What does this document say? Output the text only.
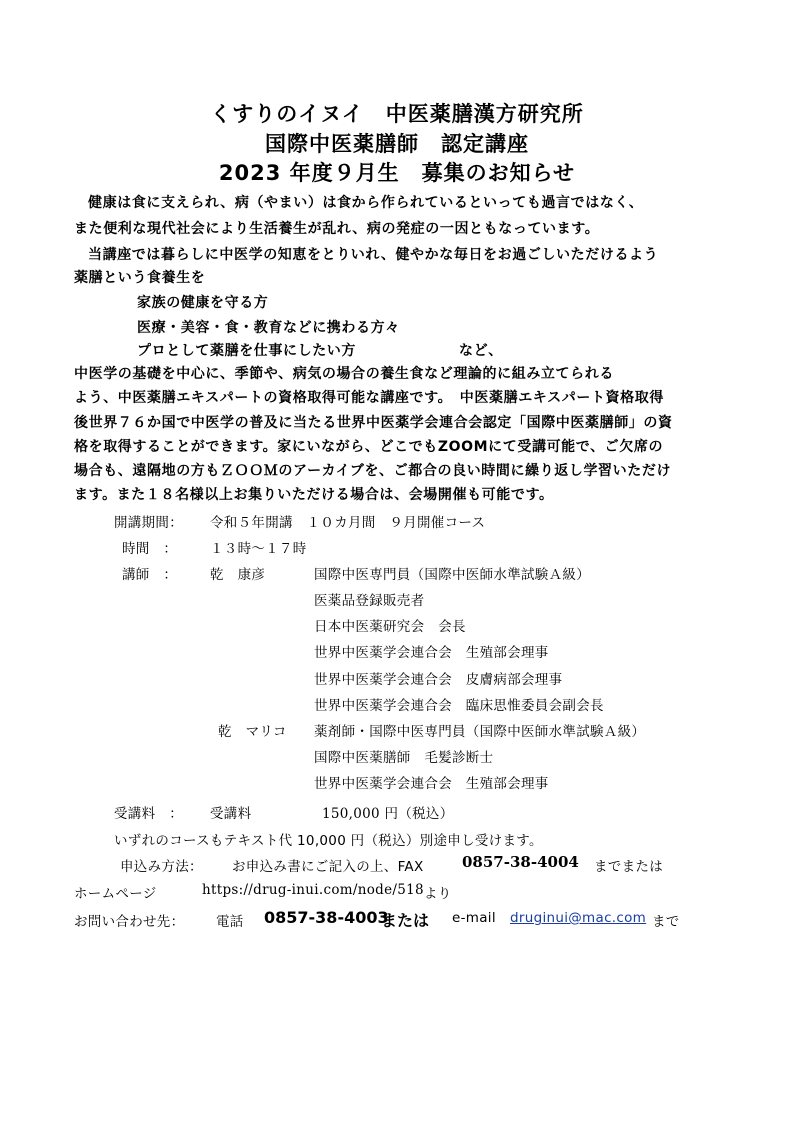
くすりのイヌイ　中医薬膳漢方研究所
国際中医薬膳師　認定講座
2023 年度９月生　募集のお知らせ
健康は食に支えられ、病（やまい）は食から作られているといっても過言ではなく、
また便利な現代社会により生活養生が乱れ、病の発症の一因ともなっています。
当講座では暮らしに中医学の知恵をとりいれ、健やかな毎日をお過ごしいただけるよう
薬膳という食養生を
家族の健康を守る方
医療・美容・食・教育などに携わる方々
プロとして薬膳を仕事にしたい方	など、
中医学の基礎を中心に、季節や、病気の場合の養生食など理論的に組み立てられる
よう、中医薬膳エキスパートの資格取得可能な講座です。　中医薬膳エキスパート資格取得
後世界７６か国で中医学の普及に当たる世界中医薬学会連合会認定「国際中医薬膳師」の資
格を取得することができます。家にいながら、どこでもZOOMにて受講可能で、ご欠席の
場合も、遠隔地の方もＺＯＯＭのアーカイブを、ご都合の良い時間に繰り返し学習いただけ
ます。また１８名様以上お集りいただける場合は、会場開催も可能です。
開講期間： 令和５年開講　１０カ月間　９月開催コース
時間　： １３時～１７時
講師　： 乾　康彦	国際中医専門員（国際中医師水準試験Ａ級）
医薬品登録販売者
日本中医薬研究会　会長
世界中医薬学会連合会　生殖部会理事
世界中医薬学会連合会　皮膚病部会理事
世界中医薬学会連合会　臨床思惟委員会副会長
乾　マリコ 薬剤師・国際中医専門員（国際中医師水準試験Ａ級）
国際中医薬膳師　毛髪診断士
世界中医薬学会連合会　生殖部会理事
受講料　： 受講料	150,000 円（税込）
いずれのコースもテキスト代 10,000 円（税込）別途申し受けます。
申込み方法： お申込み書にご記入の上、FAX	0857-38-4004 までまたは
ホームページ	https://drug-inui.com/node/518 より
お問い合わせ先： 電話 0857-38-4003
または e-mail druginui@mac.com まで
